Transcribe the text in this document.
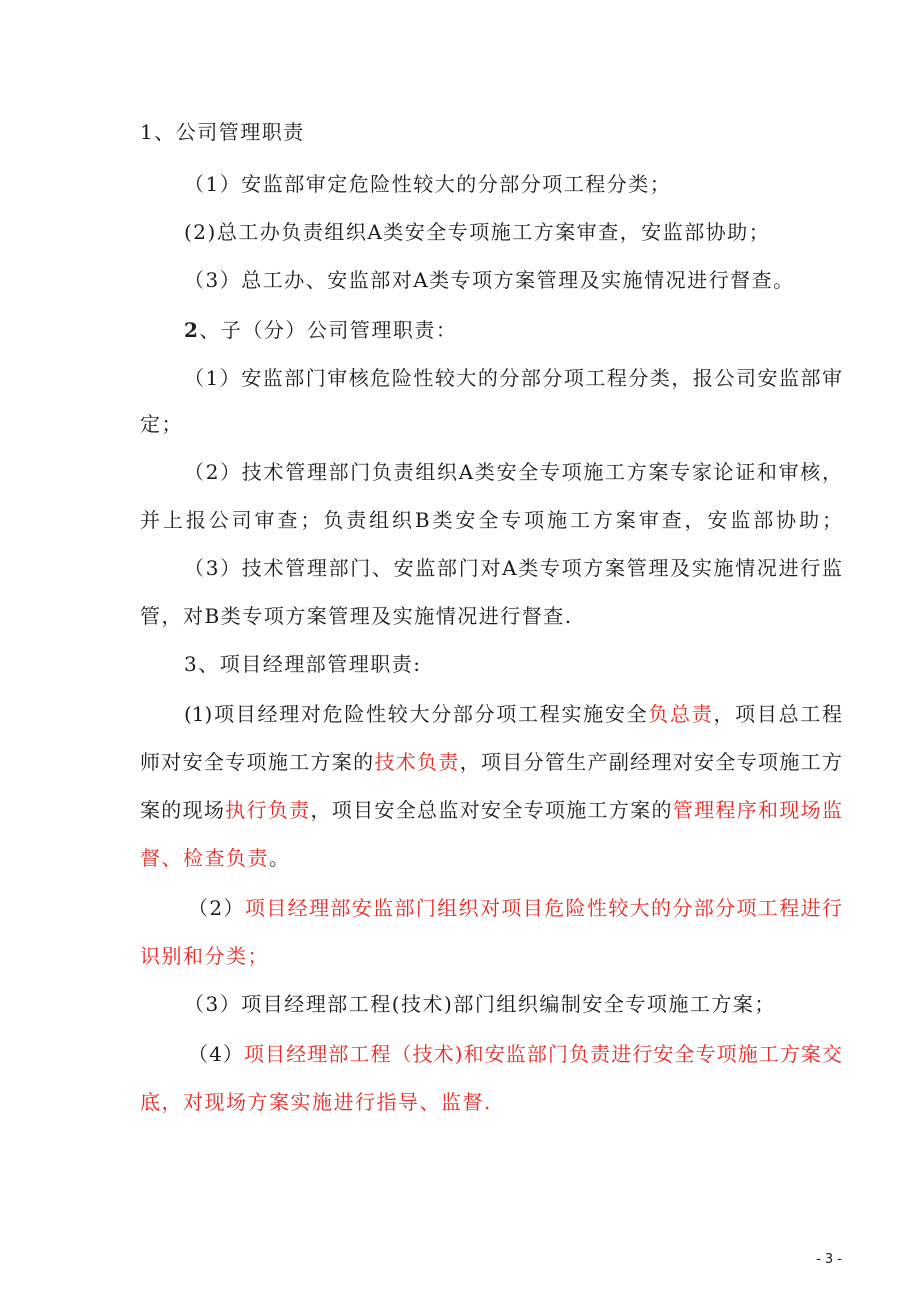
1、公司管理职责
（1）安监部审定危险性较大的分部分项工程分类；
(2)总工办负责组织A类安全专项施工方案审查，安监部协助；
（3）总工办、安监部对A类专项方案管理及实施情况进行督查。
2、子（分）公司管理职责：
（1）安监部门审核危险性较大的分部分项工程分类，报公司安监部审
定；
（2）技术管理部门负责组织A类安全专项施工方案专家论证和审核，
并上报公司审查；负责组织B类安全专项施工方案审查，安监部协助；
（3）技术管理部门、安监部门对A类专项方案管理及实施情况进行监
管，对B类专项方案管理及实施情况进行督查.
3、项目经理部管理职责:
(1)项目经理对危险性较大分部分项工程实施安全负总责，项目总工程
师对安全专项施工方案的技术负责，项目分管生产副经理对安全专项施工方
案的现场执行负责，项目安全总监对安全专项施工方案的管理程序和现场监
督、检查负责。
（2）项目经理部安监部门组织对项目危险性较大的分部分项工程进行
识别和分类；
（3）项目经理部工程(技术)部门组织编制安全专项施工方案；
（4）项目经理部工程（技术)和安监部门负责进行安全专项施工方案交
底，对现场方案实施进行指导、监督.
- 3 -
